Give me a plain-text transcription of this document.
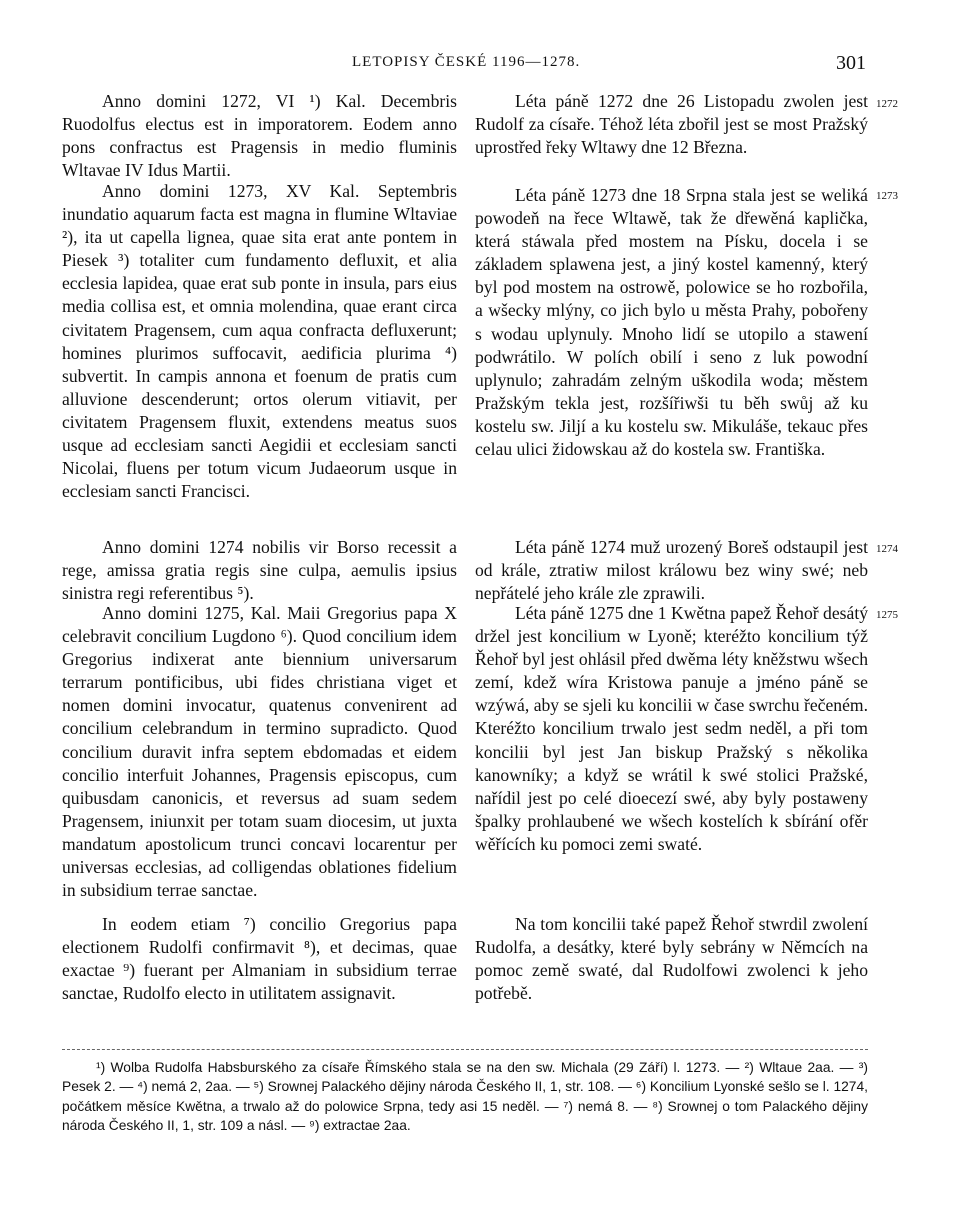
LETOPISY ČESKÉ 1196—1278.	301

Anno domini 1272, VI ¹) Kal. Decembris Ruodolfus electus est in imporatorem. Eodem anno pons confractus est Pragensis in medio fluminis Wltavae IV Idus Martii.

Anno domini 1273, XV Kal. Septembris inundatio aquarum facta est magna in flumine Wltaviae ²), ita ut capella lignea, quae sita erat ante pontem in Piesek ³) totaliter cum fundamento defluxit, et alia ecclesia lapidea, quae erat sub ponte in insula, pars eius media collisa est, et omnia molendina, quae erant circa civitatem Pragensem, cum aqua confracta defluxerunt; homines plurimos suffocavit, aedificia plurima ⁴) subvertit. In campis annona et foenum de pratis cum alluvione descenderunt; ortos olerum vitiavit, per civitatem Pragensem fluxit, extendens meatus suos usque ad ecclesiam sancti Aegidii et ecclesiam sancti Nicolai, fluens per totum vicum Judaeorum usque in ecclesiam sancti Francisci.

Anno domini 1274 nobilis vir Borso recessit a rege, amissa gratia regis sine culpa, aemulis ipsius sinistra regi referentibus ⁵).

Anno domini 1275, Kal. Maii Gregorius papa X celebravit concilium Lugdono ⁶). Quod concilium idem Gregorius indixerat ante biennium universarum terrarum pontificibus, ubi fides christiana viget et nomen domini invocatur, quatenus convenirent ad concilium celebrandum in termino supradicto. Quod concilium duravit infra septem ebdomadas et eidem concilio interfuit Johannes, Pragensis episcopus, cum quibusdam canonicis, et reversus ad suam sedem Pragensem, iniunxit per totam suam diocesim, ut juxta mandatum apostolicum trunci concavi locarentur per universas ecclesias, ad colligendas oblationes fidelium in subsidium terrae sanctae.

In eodem etiam ⁷) concilio Gregorius papa electionem Rudolfi confirmavit ⁸), et decimas, quae exactae ⁹) fuerant per Almaniam in subsidium terrae sanctae, Rudolfo electo in utilitatem assignavit.

Léta páně 1272 dne 26 Listopadu zwolen jest Rudolf za císaře. Téhož léta zbořil jest se most Pražský uprostřed řeky Wltawy dne 12 Března.

Léta páně 1273 dne 18 Srpna stala jest se weliká powodeň na řece Wltawě, tak že dřewěná kaplička, která stáwala před mostem na Písku, docela i se základem splawena jest, a jiný kostel kamenný, který byl pod mostem na ostrowě, polowice se ho rozbořila, a wšecky mlýny, co jich bylo u města Prahy, pobořeny s wodau uplynuly. Mnoho lidí se utopilo a stawení podwrátilo. W polích obilí i seno z luk powodní uplynulo; zahradám zelným uškodila woda; městem Pražským tekla jest, rozšířiwši tu běh swůj až ku kostelu sw. Jiljí a ku kostelu sw. Mikuláše, tekauc přes celau ulici židowskau až do kostela sw. Františka.

Léta páně 1274 muž urozený Boreš odstaupil jest od krále, ztratiw milost králowu bez winy swé; neb nepřátelé jeho krále zle zprawili.

Léta páně 1275 dne 1 Kwětna papež Řehoř desátý držel jest koncilium w Lyoně; kteréžto koncilium týž Řehoř byl jest ohlásil před dwěma léty kněžstwu wšech zemí, kdež wíra Kristowa panuje a jméno páně se wzýwá, aby se sjeli ku koncilii w čase swrchu řečeném. Kteréžto koncilium trwalo jest sedm neděl, a při tom koncilii byl jest Jan biskup Pražský s několika kanowníky; a když se wrátil k swé stolici Pražské, nařídil jest po celé dioecezí swé, aby byly postaweny špalky prohlaubené we wšech kostelích k sbírání ofěr wěřících ku pomoci zemi swaté.

Na tom koncilii také papež Řehoř stwrdil zwolení Rudolfa, a desátky, které byly sebrány w Němcích na pomoc země swaté, dal Rudolfowi zwolenci k jeho potřebě.

1272
1273
1274
1275

¹) Wolba Rudolfa Habsburského za císaře Římského stala se na den sw. Michala (29 Září) l. 1273. — ²) Wltaue 2aa. — ³) Pesek 2. — ⁴) nemá 2, 2aa. — ⁵) Srownej Palackého dějiny národa Českého II, 1, str. 108. — ⁶) Koncilium Lyonské sešlo se l. 1274, počátkem měsíce Kwětna, a trwalo až do polowice Srpna, tedy asi 15 neděl. — ⁷) nemá 8. — ⁸) Srownej o tom Palackého dějiny národa Českého II, 1, str. 109 a násl. — ⁹) extractae 2aa.
